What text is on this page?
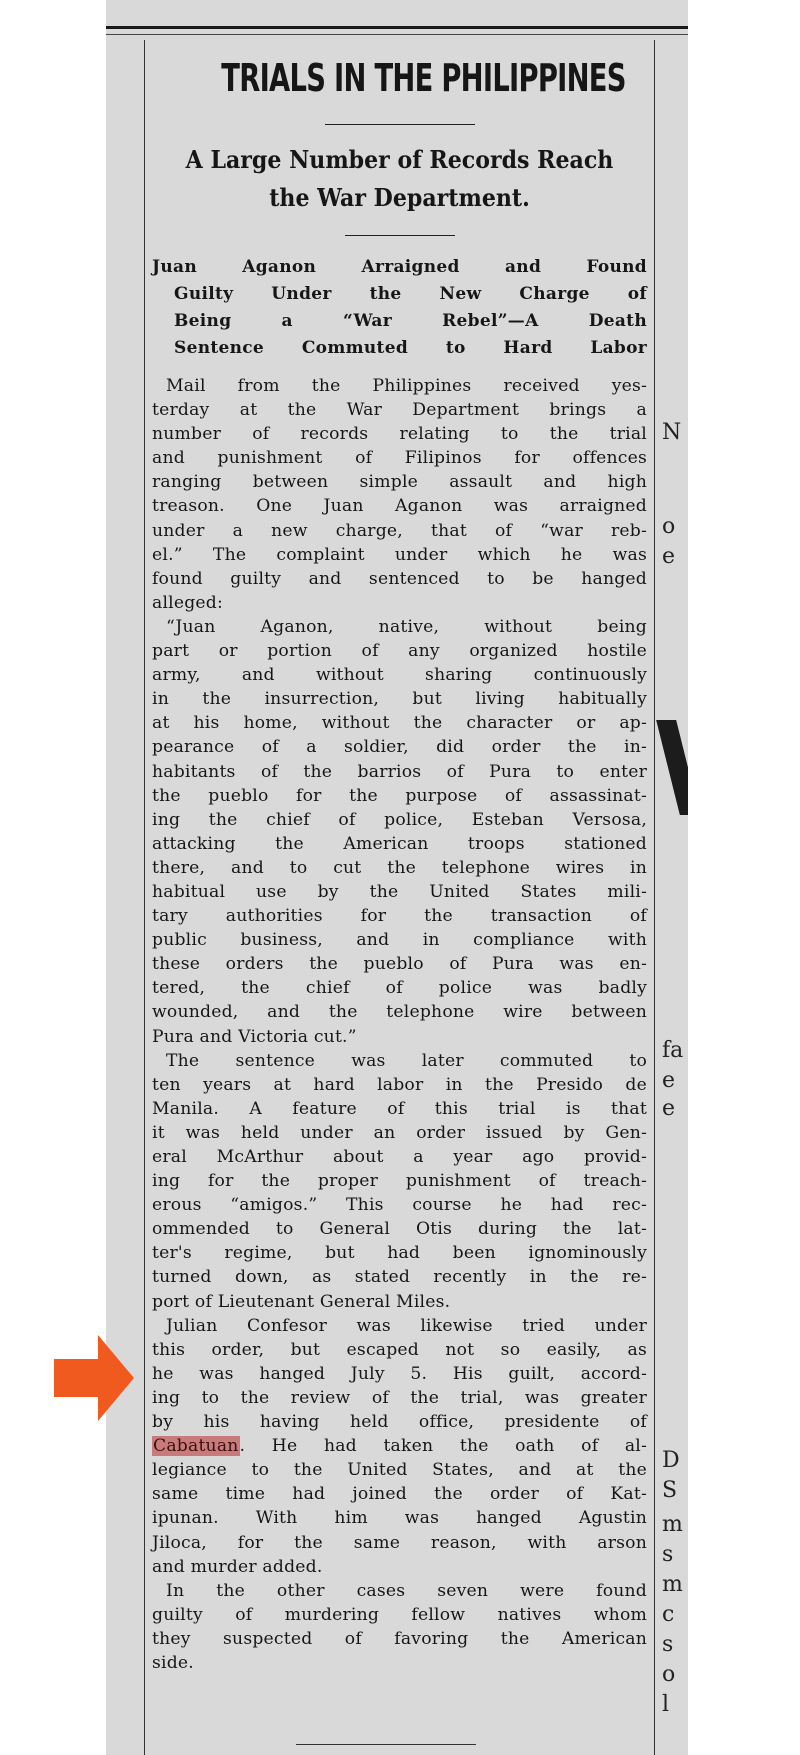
TRIALS IN THE PHILIPPINES
A Large Number of Records Reach
the War Department.
Juan Aganon Arraigned and Found
Guilty Under the New Charge of
Being a “War Rebel”—A Death
Sentence Commuted to Hard Labor
Mail from the Philippines received yes-
terday at the War Department brings a
number of records relating to the trial
and punishment of Filipinos for offences
ranging between simple assault and high
treason. One Juan Aganon was arraigned
under a new charge, that of “war reb-
el.” The complaint under which he was
found guilty and sentenced to be hanged
alleged:
“Juan Aganon, native, without being
part or portion of any organized hostile
army, and without sharing continuously
in the insurrection, but living habitually
at his home, without the character or ap-
pearance of a soldier, did order the in-
habitants of the barrios of Pura to enter
the pueblo for the purpose of assassinat-
ing the chief of police, Esteban Versosa,
attacking the American troops stationed
there, and to cut the telephone wires in
habitual use by the United States mili-
tary authorities for the transaction of
public business, and in compliance with
these orders the pueblo of Pura was en-
tered, the chief of police was badly
wounded, and the telephone wire between
Pura and Victoria cut.”
The sentence was later commuted to
ten years at hard labor in the Presido de
Manila. A feature of this trial is that
it was held under an order issued by Gen-
eral McArthur about a year ago provid-
ing for the proper punishment of treach-
erous “amigos.” This course he had rec-
ommended to General Otis during the lat-
ter's regime, but had been ignominously
turned down, as stated recently in the re-
port of Lieutenant General Miles.
Julian Confesor was likewise tried under
this order, but escaped not so easily, as
he was hanged July 5. His guilt, accord-
ing to the review of the trial, was greater
by his having held office, presidente of
Cabatuan. He had taken the oath of al-
legiance to the United States, and at the
same time had joined the order of Kat-
ipunan. With him was hanged Agustin
Jiloca, for the same reason, with arson
and murder added.
In the other cases seven were found
guilty of murdering fellow natives whom
they suspected of favoring the American
side.
N
o
e
fa
e
e
D
S
m
s
m
c
s
o
l
